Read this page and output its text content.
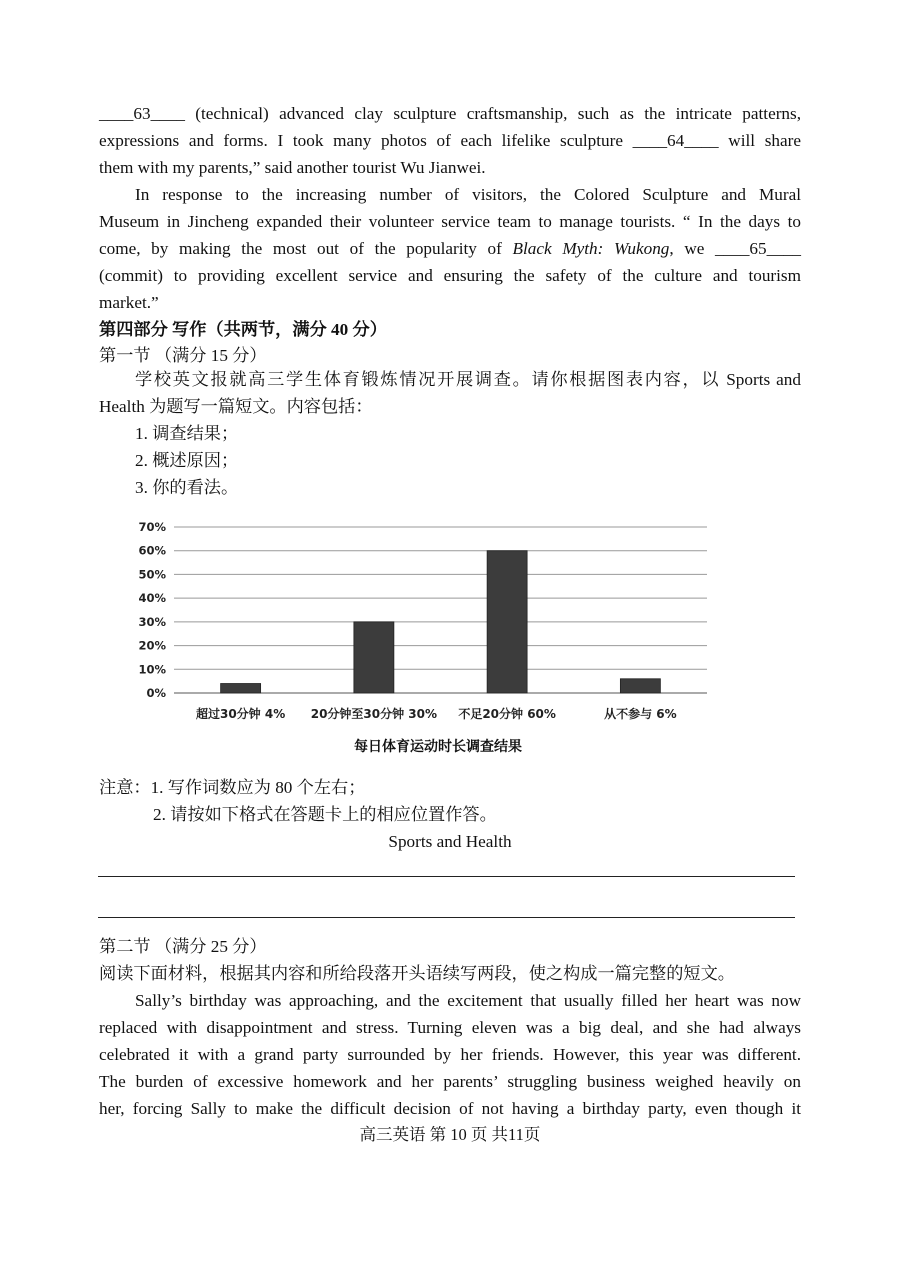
____63____ (technical) advanced clay sculpture craftsmanship, such as the intricate patterns,
expressions and forms. I took many photos of each lifelike sculpture ____64____ will share
them with my parents,” said another tourist Wu Jianwei.
In response to the increasing number of visitors, the Colored Sculpture and Mural
Museum in Jincheng expanded their volunteer service team to manage tourists. “ In the days to
come, by making the most out of the popularity of Black Myth: Wukong, we ____65____
(commit) to providing excellent service and ensuring the safety of the culture and tourism
market.”
第四部分 写作（共两节，满分 40 分）
第一节 （满分 15 分）
学校英文报就高三学生体育锻炼情况开展调查。请你根据图表内容，以 Sports and
Health 为题写一篇短文。内容包括：
1. 调查结果；
2. 概述原因；
3. 你的看法。
0%
10%
20%
30%
40%
50%
60%
70%
超过30分钟 4% 20分钟至30分钟 30% 不足20分钟 60%	从不参与 6%
每日体育运动时长调查结果
注意：1. 写作词数应为 80 个左右；
2. 请按如下格式在答题卡上的相应位置作答。
Sports and Health
第二节 （满分 25 分）
阅读下面材料，根据其内容和所给段落开头语续写两段，使之构成一篇完整的短文。
Sally’s birthday was approaching, and the excitement that usually filled her heart was now
replaced with disappointment and stress. Turning eleven was a big deal, and she had always
celebrated it with a grand party surrounded by her friends. However, this year was different.
The burden of excessive homework and her parents’ struggling business weighed heavily on
her, forcing Sally to make the difficult decision of not having a birthday party, even though it
高三英语 第 10 页 共11页
